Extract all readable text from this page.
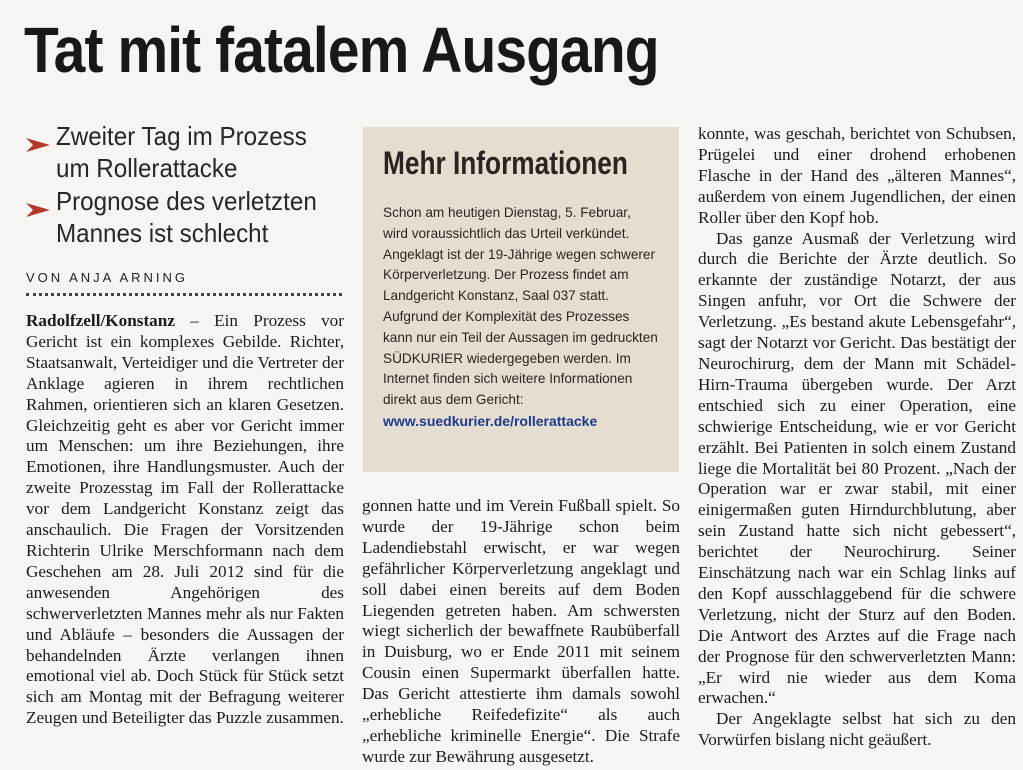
Tat mit fatalem Ausgang
Zweiter Tag im Prozess
um Rollerattacke
Prognose des verletzten
Mannes ist schlecht
VON ANJA ARNING

Radolfzell/Konstanz – Ein Prozess vor Gericht ist ein komplexes Gebilde. Richter, Staatsanwalt, Verteidiger und die Vertreter der Anklage agieren in ihrem rechtlichen Rahmen, orientieren sich an klaren Gesetzen. Gleichzeitig geht es aber vor Gericht immer um Menschen: um ihre Beziehungen, ihre Emotionen, ihre Handlungsmuster. Auch der zweite Prozesstag im Fall der Rollerattacke vor dem Landgericht Konstanz zeigt das anschaulich. Die Fragen der Vorsitzenden Richterin Ulrike Merschformann nach dem Geschehen am 28. Juli 2012 sind für die anwesenden Angehörigen des schwerverletzten Mannes mehr als nur Fakten und Abläufe – besonders die Aussagen der behandelnden Ärzte verlangen ihnen emotional viel ab. Doch Stück für Stück setzt sich am Montag mit der Befragung weiterer Zeugen und Beteiligter das Puzzle zusammen.

Mehr Informationen
Schon am heutigen Dienstag, 5. Februar, wird voraussichtlich das Urteil verkündet. Angeklagt ist der 19-Jährige wegen schwerer Körperverletzung. Der Prozess findet am Landgericht Konstanz, Saal 037 statt. Aufgrund der Komplexität des Prozesses kann nur ein Teil der Aussagen im gedruckten SÜDKURIER wiedergegeben werden. Im Internet finden sich weitere Informationen direkt aus dem Gericht:
www.suedkurier.de/rollerattacke

gonnen hatte und im Verein Fußball spielt. So wurde der 19-Jährige schon beim Ladendiebstahl erwischt, er war wegen gefährlicher Körperverletzung angeklagt und soll dabei einen bereits auf dem Boden Liegenden getreten haben. Am schwersten wiegt sicherlich der bewaffnete Raubüberfall in Duisburg, wo er Ende 2011 mit seinem Cousin einen Supermarkt überfallen hatte. Das Gericht attestierte ihm damals sowohl „erhebliche Reifedefizite“ als auch „erhebliche kriminelle Energie“. Die Strafe wurde zur Bewährung ausgesetzt.

konnte, was geschah, berichtet von Schubsen, Prügelei und einer drohend erhobenen Flasche in der Hand des „älteren Mannes“, außerdem von einem Jugendlichen, der einen Roller über den Kopf hob.

Das ganze Ausmaß der Verletzung wird durch die Berichte der Ärzte deutlich. So erkannte der zuständige Notarzt, der aus Singen anfuhr, vor Ort die Schwere der Verletzung. „Es bestand akute Lebensgefahr“, sagt der Notarzt vor Gericht. Das bestätigt der Neurochirurg, dem der Mann mit Schädel-Hirn-Trauma übergeben wurde. Der Arzt entschied sich zu einer Operation, eine schwierige Entscheidung, wie er vor Gericht erzählt. Bei Patienten in solch einem Zustand liege die Mortalität bei 80 Prozent. „Nach der Operation war er zwar stabil, mit einer einigermaßen guten Hirndurchblutung, aber sein Zustand hatte sich nicht gebessert“, berichtet der Neurochirurg. Seiner Einschätzung nach war ein Schlag links auf den Kopf ausschlaggebend für die schwere Verletzung, nicht der Sturz auf den Boden. Die Antwort des Arztes auf die Frage nach der Prognose für den schwerverletzten Mann: „Er wird nie wieder aus dem Koma erwachen.“

Der Angeklagte selbst hat sich zu den Vorwürfen bislang nicht geäußert.
